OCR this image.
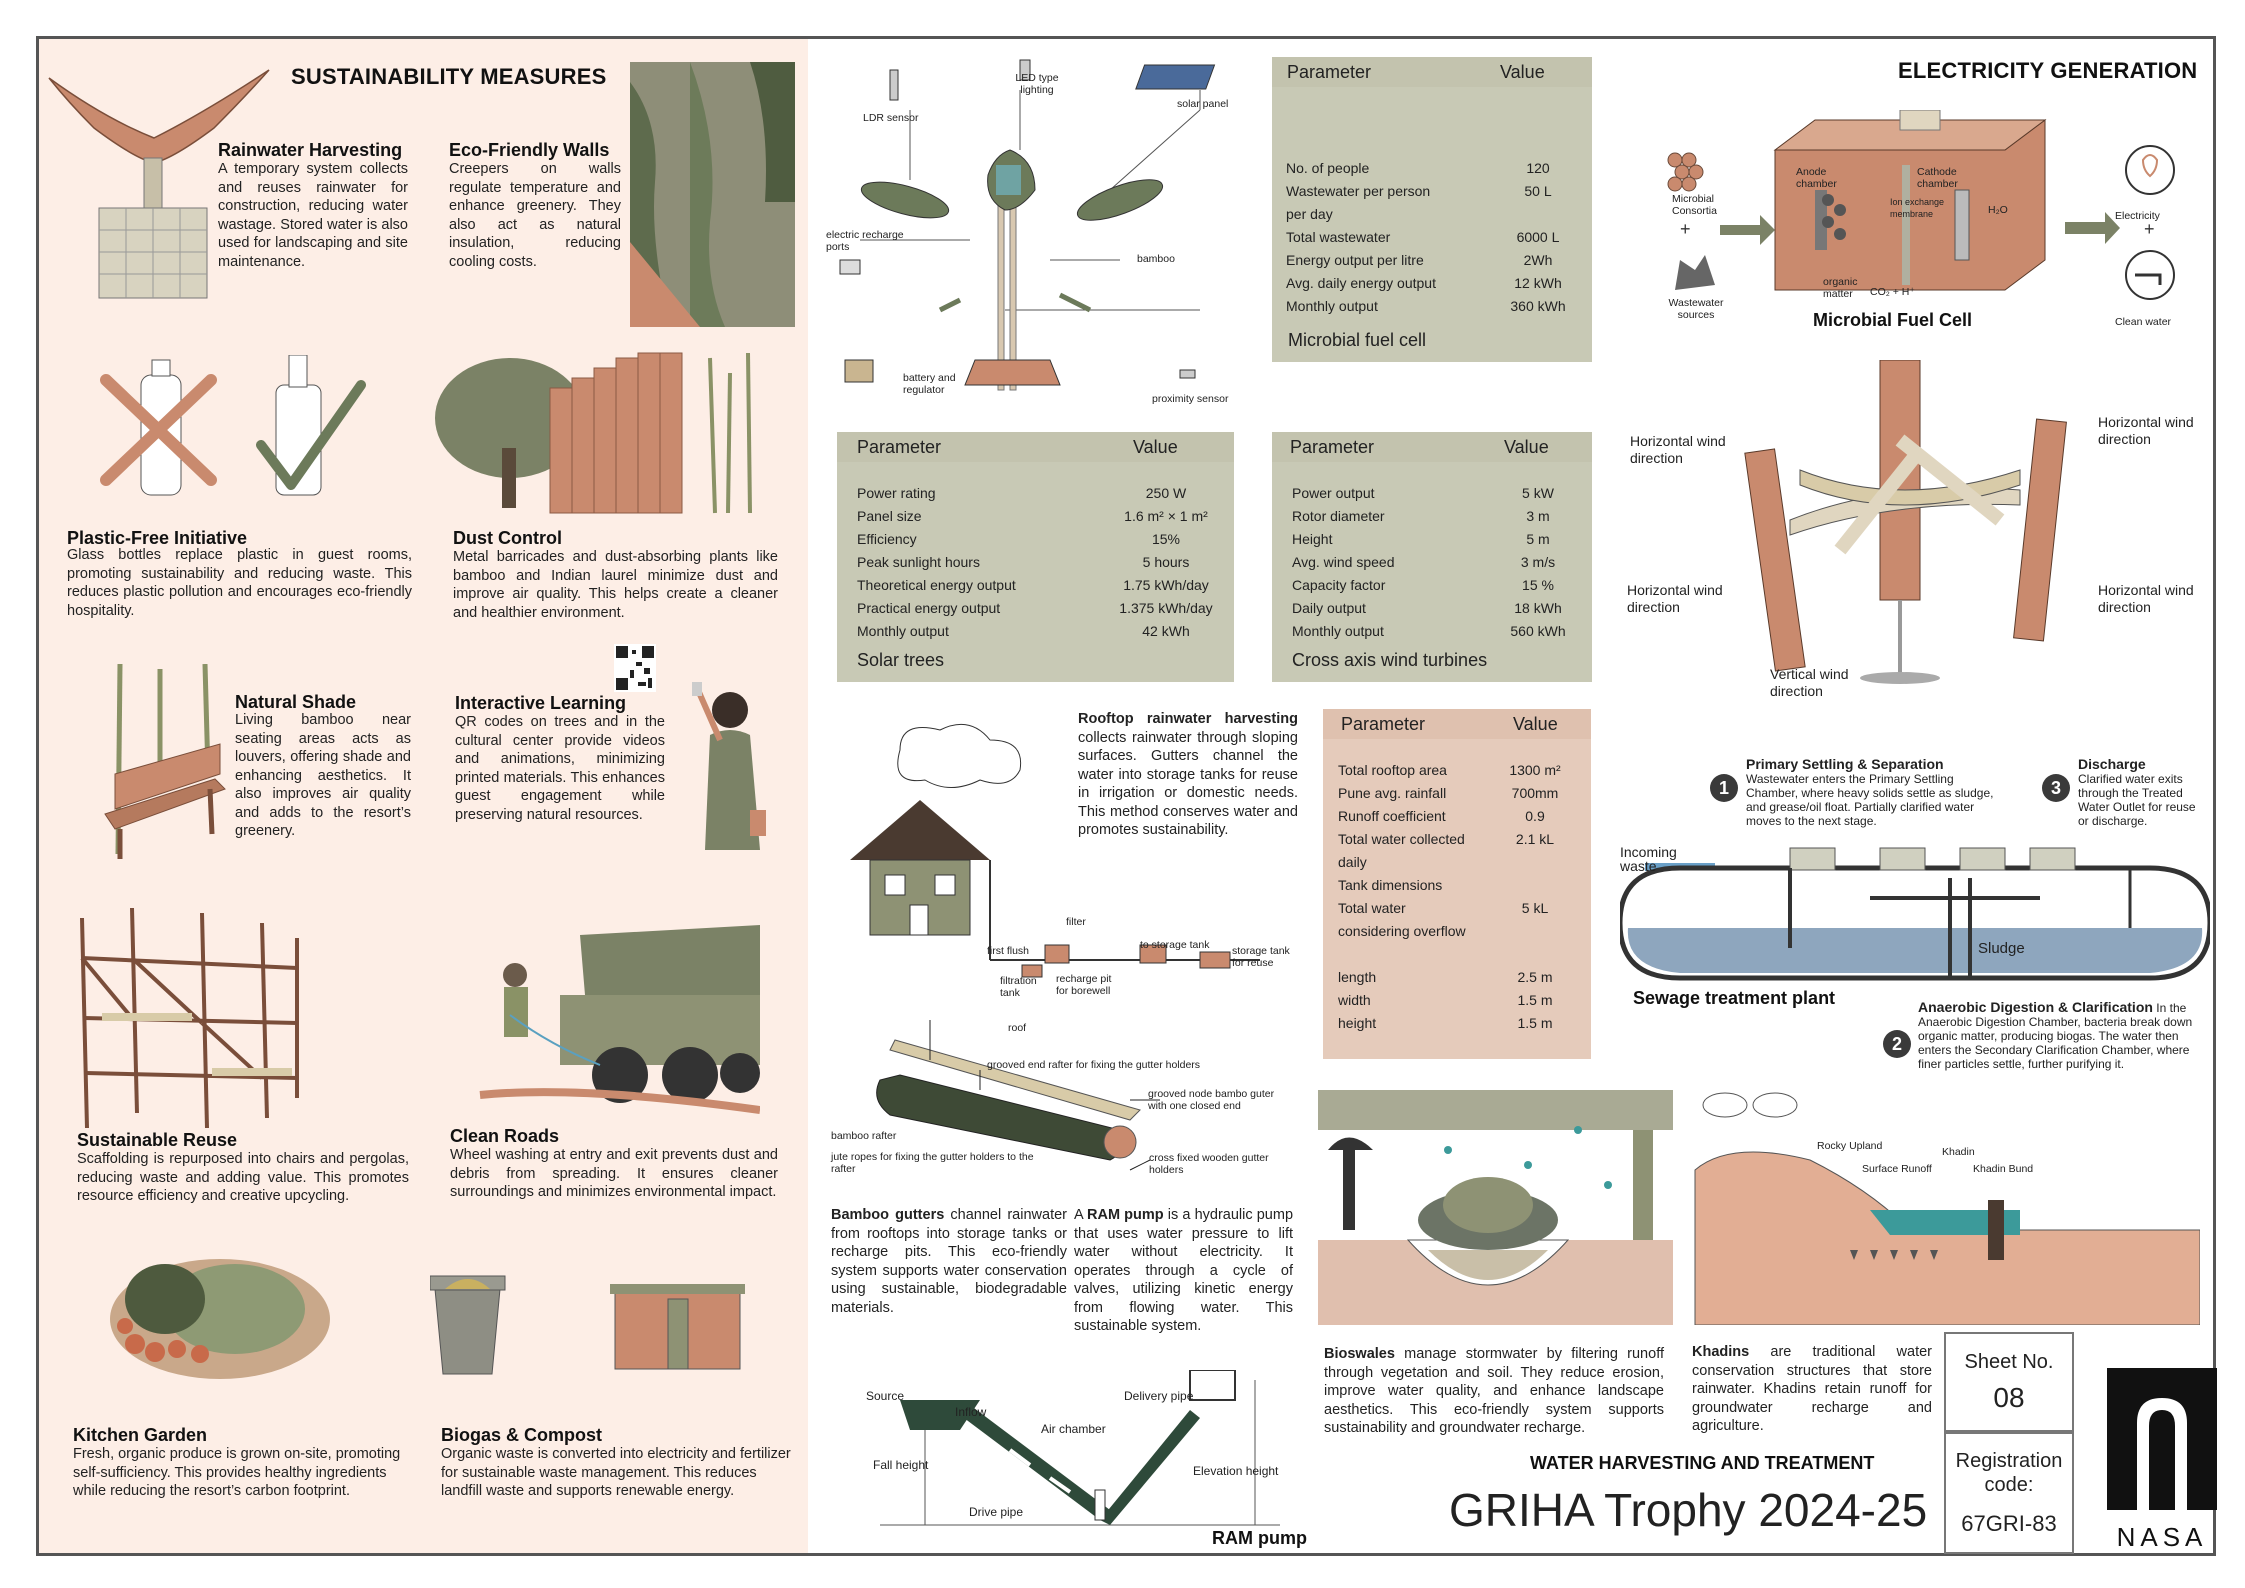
SUSTAINABILITY MEASURES
Rainwater Harvesting
A temporary system collects and reuses rainwater for construction, reducing water wastage. Stored water is also used for landscaping and site maintenance.
Eco-Friendly Walls
Creepers on walls regulate temperature and enhance greenery. They also act as natural insulation, reducing cooling costs.
Plastic-Free Initiative
Glass bottles replace plastic in guest rooms, promoting sustainability and reducing waste. This reduces plastic pollution and encourages eco-friendly hospitality.
Dust Control
Metal barricades and dust-absorbing plants like bamboo and Indian laurel minimize dust and improve air quality. This helps create a cleaner and healthier environment.
Natural Shade
Living bamboo near seating areas acts as louvers, offering shade and enhancing aesthetics. It also improves air quality and adds to the resort’s greenery.
Interactive Learning
QR codes on trees and in the cultural center provide videos and animations, minimizing printed materials. This enhances guest engagement while preserving natural resources.
Sustainable Reuse
Scaffolding is repurposed into chairs and pergolas, reducing waste and adding value. This promotes resource efficiency and creative upcycling.
Clean Roads
Wheel washing at entry and exit prevents dust and debris from spreading. It ensures cleaner surroundings and minimizes environmental impact.
Kitchen Garden
Fresh, organic produce is grown on-site, promoting self-sufficiency. This provides healthy ingredients while reducing the resort’s carbon footprint.
Biogas & Compost
Organic waste is converted into electricity and fertilizer for sustainable waste management. This reduces landfill waste and supports renewable energy.
LED type lighting
LDR sensor
solar panel
electric recharge ports
bamboo
battery and regulator
proximity sensor
Parameter	Value
No. of people	120
Wastewater per person	50 L
per day
Total wastewater	6000 L
Energy output per litre	2Wh
Avg. daily energy output	12 kWh
Monthly output	360 kWh
Microbial fuel cell
Parameter	Value
Power rating	250 W
Panel size	1.6 m² × 1 m²
Efficiency	15%
Peak sunlight hours	5 hours
Theoretical energy output	1.75 kWh/day
Practical energy output	1.375 kWh/day
Monthly output	42 kWh
Solar trees
Parameter	Value
Power output	5 kW
Rotor diameter	3 m
Height	5 m
Avg. wind speed	3 m/s
Capacity factor	15 %
Daily output	18 kWh
Monthly output	560 kWh
Cross axis wind turbines
ELECTRICITY GENERATION
+	+
Microbial Consortia
Wastewater sources
Anode chamber
Cathode chamber
Ion exchange membrane
organic matter
H₂O
CO₂ + H⁺
Electricity
Clean water
Microbial Fuel Cell
Horizontal wind direction
Horizontal wind direction
Horizontal wind direction
Horizontal wind direction
Vertical wind direction
Rooftop rainwater harvesting collects rainwater through sloping surfaces. Gutters channel the water into storage tanks for reuse in irrigation or domestic needs. This method conserves water and promotes sustainability.
filter
to storage tank storage tank for reuse
first flush
filtration tank
recharge pit for borewell
Parameter	Value
Total rooftop area	1300 m²
Pune avg. rainfall	700mm
Runoff coefficient	0.9
Total water collected	2.1 kL
daily
Tank dimensions
Total water	5 kL
considering overflow
length	2.5 m
width	1.5 m
height	1.5 m
roof
grooved end rafter for fixing the gutter holders
grooved node bambo guter with one closed end
bamboo rafter
jute ropes for fixing the gutter holders to the rafter
cross fixed wooden gutter holders
Bamboo gutters channel rainwater from rooftops into storage tanks or recharge pits. This eco-friendly system supports water conservation using sustainable, biodegradable materials.
A RAM pump is a hydraulic pump that uses water pressure to lift water without electricity. It operates through a cycle of valves, utilizing kinetic energy from flowing water. This sustainable system.
Source
Inflow
Fall height
Drive pipe
Air chamber
Delivery pipe
Elevation height
RAM pump
1
Primary Settling & Separation
Wastewater enters the Primary Settling Chamber, where heavy solids settle as sludge, and grease/oil float. Partially clarified water moves to the next stage.
3
Discharge
Clarified water exits through the Treated Water Outlet for reuse or discharge.
Incoming waste
Sludge
Sewage treatment plant
2
Anaerobic Digestion & Clarification In the Anaerobic Digestion Chamber, bacteria break down organic matter, producing biogas. The water then enters the Secondary Clarification Chamber, where finer particles settle, further purifying it.
Bioswales manage stormwater by filtering runoff through vegetation and soil. They reduce erosion, improve water quality, and enhance landscape aesthetics. This eco-friendly system supports sustainability and groundwater recharge.
Rocky Upland
Surface Runoff
Khadin
Khadin Bund
Khadins are traditional water conservation structures that store rainwater. Khadins retain runoff for groundwater recharge and agriculture.
WATER HARVESTING AND TREATMENT
GRIHA Trophy 2024-25
Sheet No.
08
Registration code:
67GRI-83	NASA
